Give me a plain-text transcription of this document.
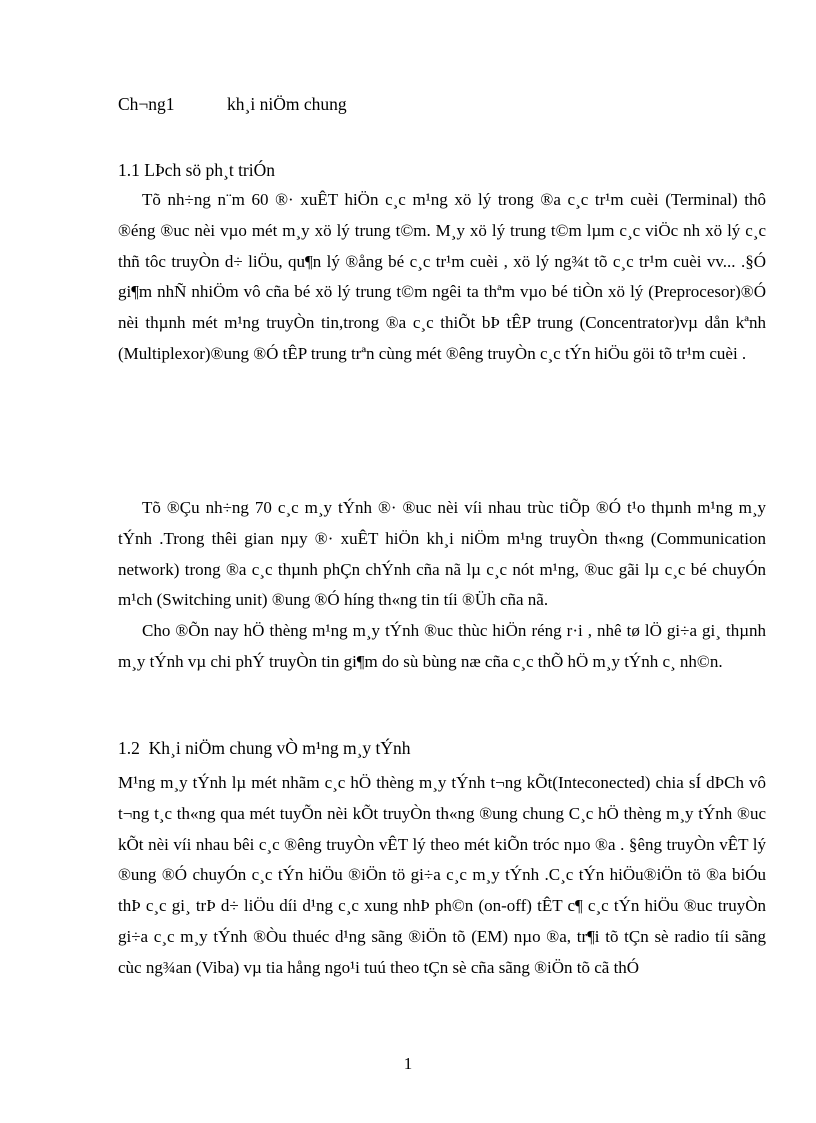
Ch¬ng1	kh¸i niÖm chung
1.1 LÞch sö ph¸t triÓn

Tõ nh÷ng n¨m 60 ®· xuÊT hiÖn c¸c m¹ng xö lý trong ®a c¸c tr¹m cuèi (Terminal) thô ®éng ®uc nèi vµo mét m¸y xö lý trung t©m. M¸y xö lý trung t©m lµm c¸c viÖc nh xö lý c¸c thñ tôc truyÒn d÷ liÖu, qu¶n lý ®ång bé c¸c tr¹m cuèi , xö lý ng¾t tõ c¸c tr¹m cuèi vv... .§Ó gi¶m nhÑ nhiÖm vô cña bé xö lý trung t©m ngêi ta thªm vµo bé tiÒn xö lý (Preprocesor)®Ó nèi thµnh mét m¹ng truyÒn tin,trong ®a c¸c thiÕt bÞ tÊP trung (Concentrator)vµ dån kªnh (Multiplexor)®ung ®Ó tÊP trung trªn cùng mét ®êng truyÒn c¸c tÝn hiÖu göi tõ tr¹m cuèi .

Tõ ®Çu nh÷ng 70 c¸c m¸y tÝnh ®· ®uc nèi víi nhau trùc tiÕp ®Ó t¹o thµnh m¹ng m¸y tÝnh .Trong thêi gian nµy ®· xuÊT hiÖn kh¸i niÖm m¹ng truyÒn th«ng (Communication network) trong ®a c¸c thµnh phÇn chÝnh cña nã lµ c¸c nót m¹ng, ®uc gãi lµ c¸c bé chuyÓn m¹ch (Switching unit) ®ung ®Ó híng th«ng tin tíi ®Üh cña nã.

Cho ®Õn nay hÖ thèng m¹ng m¸y tÝnh ®uc thùc hiÖn réng r·i , nhê tø lÖ gi÷a gi¸ thµnh m¸y tÝnh vµ chi phÝ truyÒn tin gi¶m do sù bùng næ cña c¸c thÕ hÖ m¸y tÝnh c¸ nh©n.

1.2  Kh¸i niÖm chung vÒ m¹ng m¸y tÝnh

M¹ng m¸y tÝnh lµ mét nhãm c¸c hÖ thèng m¸y tÝnh t¬ng kÕt(Inteconected) chia sÍ dÞCh vô t¬ng t¸c th«ng qua mét tuyÕn nèi kÕt truyÒn th«ng ®ung chung C¸c hÖ thèng m¸y tÝnh ®uc kÕt nèi víi nhau bêi c¸c ®êng truyÒn vÊT lý theo mét kiÕn tróc nµo ®a . §êng truyÒn vÊT lý ®ung ®Ó chuyÓn c¸c tÝn hiÖu ®iÖn tö gi÷a c¸c m¸y tÝnh .C¸c tÝn hiÖu®iÖn tö ®a biÓu thÞ c¸c gi¸ trÞ d÷ liÖu díi d¹ng c¸c xung nhÞ ph©n (on-off) tÊT c¶ c¸c tÝn hiÖu ®uc truyÒn gi÷a c¸c m¸y tÝnh ®Òu thuéc d¹ng sãng ®iÖn tõ (EM) nµo ®a, tr¶i tõ tÇn sè radio tíi sãng cùc ng¾an (Viba) vµ tia hång ngo¹i tuú theo tÇn sè cña sãng ®iÖn tõ cã thÓ

1
